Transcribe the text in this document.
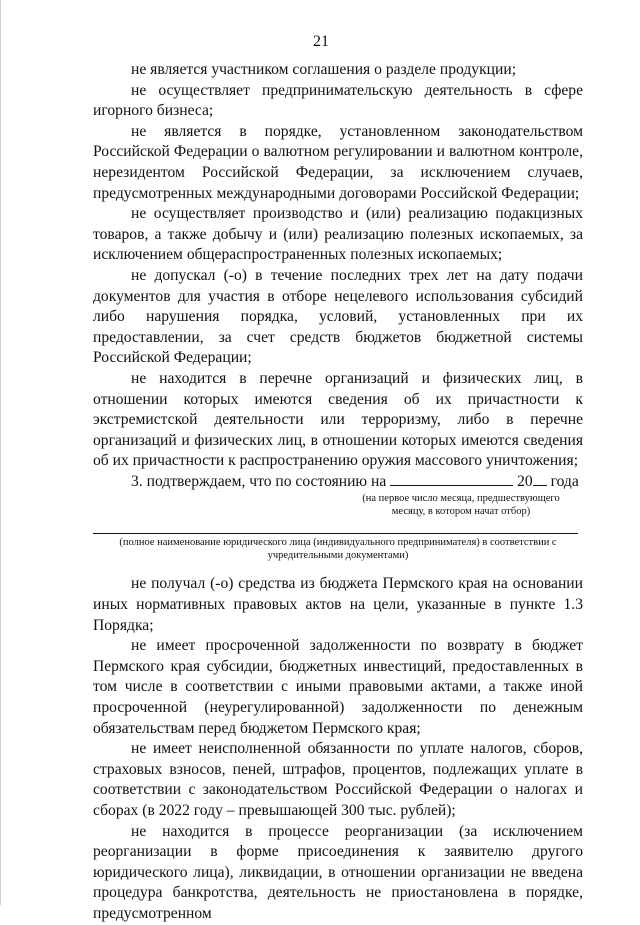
21

не является участником соглашения о разделе продукции;

не осуществляет предпринимательскую деятельность в сфере игорного бизнеса;

не является в порядке, установленном законодательством Российской Федерации о валютном регулировании и валютном контроле, нерезидентом Российской Федерации, за исключением случаев, предусмотренных международными договорами Российской Федерации;

не осуществляет производство и (или) реализацию подакцизных товаров, а также добычу и (или) реализацию полезных ископаемых, за исключением общераспространенных полезных ископаемых;

не допускал (-о) в течение последних трех лет на дату подачи документов для участия в отборе нецелевого использования субсидий либо нарушения порядка, условий, установленных при их предоставлении, за счет средств бюджетов бюджетной системы Российской Федерации;

не находится в перечне организаций и физических лиц, в отношении которых имеются сведения об их причастности к экстремистской деятельности или терроризму, либо в перечне организаций и физических лиц, в отношении которых имеются сведения об их причастности к распространению оружия массового уничтожения;

3. подтверждаем, что по состоянию на	20 года

(на первое число месяца, предшествующего месяцу, в котором начат отбор)

(полное наименование юридического лица (индивидуального предпринимателя) в соответствии с учредительными документами)

не получал (-о) средства из бюджета Пермского края на основании иных нормативных правовых актов на цели, указанные в пункте 1.3 Порядка;

не имеет просроченной задолженности по возврату в бюджет Пермского края субсидии, бюджетных инвестиций, предоставленных в том числе в соответствии с иными правовыми актами, а также иной просроченной (неурегулированной) задолженности по денежным обязательствам перед бюджетом Пермского края;

не имеет неисполненной обязанности по уплате налогов, сборов, страховых взносов, пеней, штрафов, процентов, подлежащих уплате в соответствии с законодательством Российской Федерации о налогах и сборах (в 2022 году – превышающей 300 тыс. рублей);

не находится в процессе реорганизации (за исключением реорганизации в форме присоединения к заявителю другого юридического лица), ликвидации, в отношении организации не введена процедура банкротства, деятельность не приостановлена в порядке, предусмотренном
